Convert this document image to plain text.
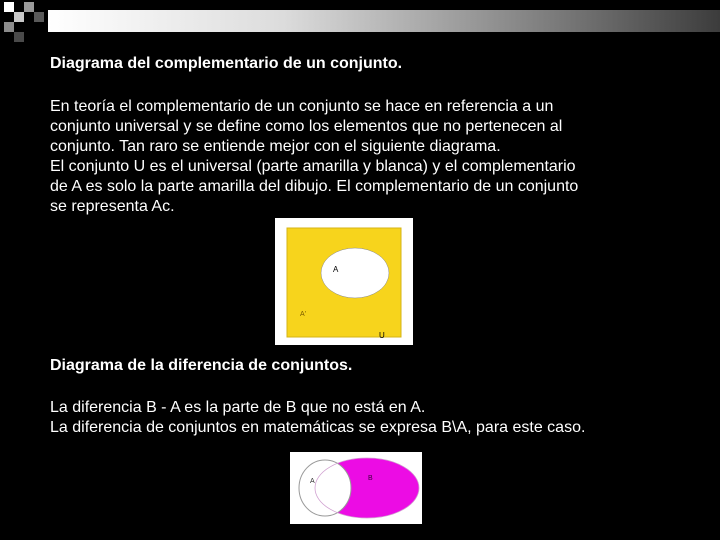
Diagrama del complementario de un conjunto.
En teoría el complementario de un conjunto se hace en referencia a un
conjunto universal y se define como los elementos que no pertenecen al
conjunto. Tan raro se entiende mejor con el siguiente diagrama.
El conjunto U es el universal (parte amarilla y blanca) y el complementario
de A es solo la parte amarilla del dibujo. El complementario de un conjunto
se representa Ac.
A
A'
U
Diagrama de la diferencia de conjuntos.
La diferencia B - A es la parte de B que no está en A.
La diferencia de conjuntos en matemáticas se expresa B\A, para este caso.
A	B
